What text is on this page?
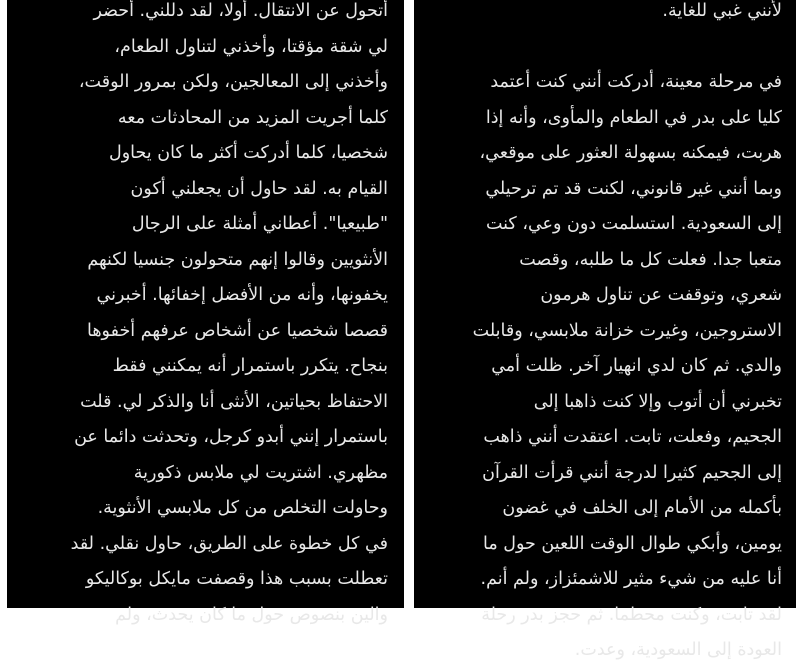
أتحول عن الانتقال. أولا، لقد دللني. أحضر
لي شقة مؤقتا، وأخذني لتناول الطعام،
وأخذني إلى المعالجين، ولكن بمرور الوقت،
كلما أجريت المزيد من المحادثات معه
شخصيا، كلما أدركت أكثر ما كان يحاول
القيام به. لقد حاول أن يجعلني أكون
"طبيعيا". أعطاني أمثلة على الرجال
الأنثويين وقالوا إنهم متحولون جنسيا لكنهم
يخفونها، وأنه من الأفضل إخفائها. أخبرني
قصصا شخصيا عن أشخاص عرفهم أخفوها
بنجاح. يتكرر باستمرار أنه يمكنني فقط
الاحتفاظ بحياتين، الأنثى أنا والذكر لي. قلت
باستمرار إنني أبدو كرجل، وتحدثت دائما عن
مظهري. اشتريت لي ملابس ذكورية
وحاولت التخلص من كل ملابسي الأنثوية.
في كل خطوة على الطريق، حاول نقلي. لقد
تعطلت بسبب هذا وقصفت مايكل بوكاليكو
والين بنصوص حول ما كان يحدث، ولم
لأنني غبي للغاية.
في مرحلة معينة، أدركت أنني كنت أعتمد
كليا على بدر في الطعام والمأوى، وأنه إذا
هربت، فيمكنه بسهولة العثور على موقعي،
وبما أنني غير قانوني، لكنت قد تم ترحيلي
إلى السعودية. استسلمت دون وعي، كنت
متعبا جدا. فعلت كل ما طلبه، وقصت
شعري، وتوقفت عن تناول هرمون
الاستروجين، وغيرت خزانة ملابسي، وقابلت
والدي. ثم كان لدي انهيار آخر. ظلت أمي
تخبرني أن أتوب وإلا كنت ذاهبا إلى
الجحيم، وفعلت، تابت. اعتقدت أنني ذاهب
إلى الجحيم كثيرا لدرجة أنني قرأت القرآن
بأكمله من الأمام إلى الخلف في غضون
يومين، وأبكي طوال الوقت اللعين حول ما
أنا عليه من شيء مثير للاشمئزاز، ولم أنم.
لقد تابت، وكنت محطما. ثم حجز بدر رحلة
العودة إلى السعودية، وعدت.
